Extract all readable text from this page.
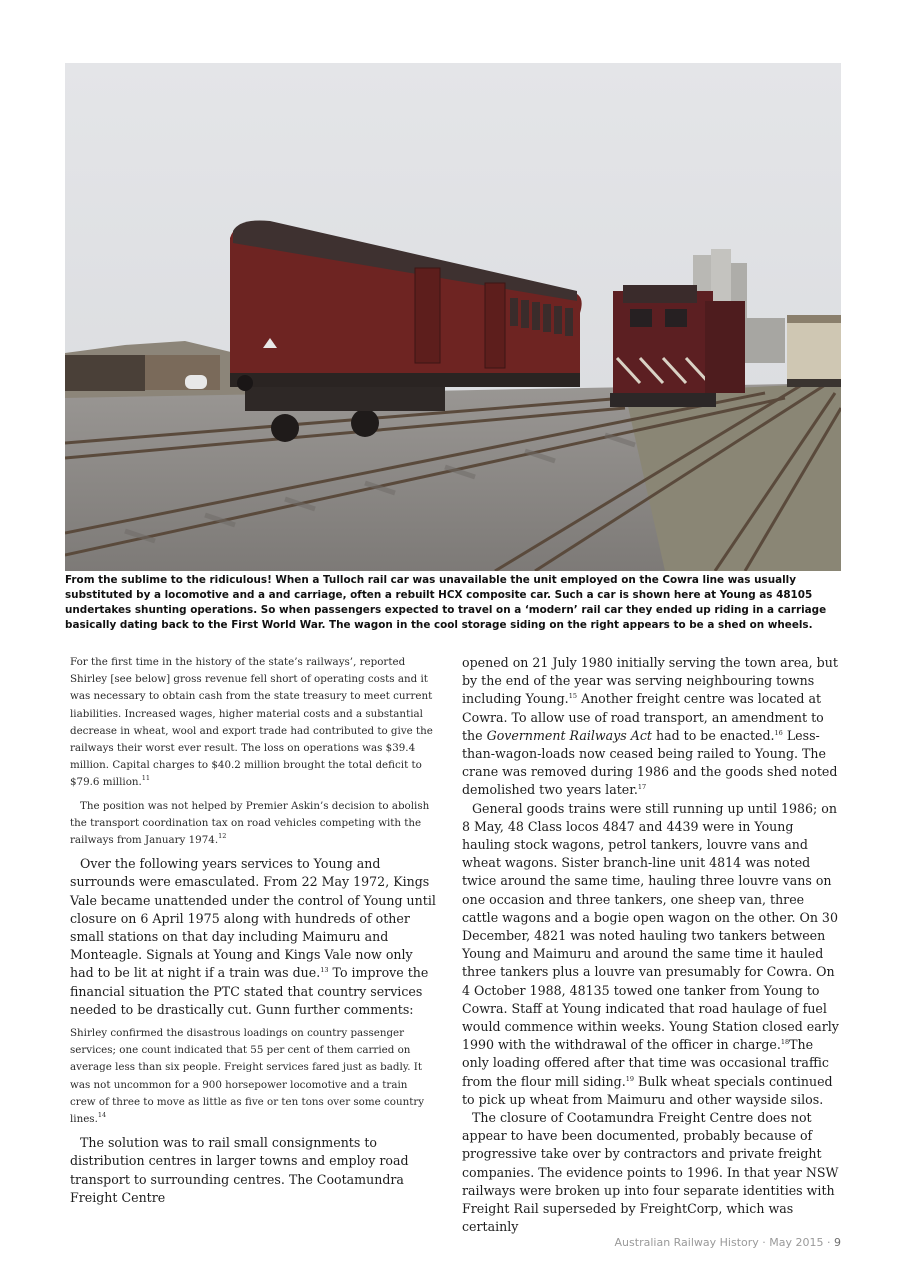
From the sublime to the ridiculous! When a Tulloch rail car was unavailable the unit employed on the Cowra line was usually substituted by a locomotive and a and carriage, often a rebuilt HCX composite car. Such a car is shown here at Young as 48105 undertakes shunting operations. So when passengers expected to travel on a ‘modern’ rail car they ended up riding in a carriage basically dating back to the First World War. The wagon in the cool storage siding on the right appears to be a shed on wheels.

For the first time in the history of the state’s railways’, reported Shirley [see below] gross revenue fell short of operating costs and it was necessary to obtain cash from the state treasury to meet current liabilities. Increased wages, higher material costs and a substantial decrease in wheat, wool and export trade had contributed to give the railways their worst ever result. The loss on operations was $39.4 million. Capital charges to $40.2 million brought the total deficit to $79.6 million.$^{11}$

The position was not helped by Premier Askin’s decision to abolish the transport coordination tax on road vehicles competing with the railways from January 1974.12

Over the following years services to Young and surrounds were emasculated. From 22 May 1972, Kings Vale became unattended under the control of Young until closure on 6 April 1975 along with hundreds of other small stations on that day including Maimuru and Monteagle. Signals at Young and Kings Vale now only had to be lit at night if a train was due.$^{13}$ To improve the financial situation the PTC stated that country services needed to be drastically cut. Gunn further comments:

Shirley confirmed the disastrous loadings on country passenger services; one count indicated that 55 per cent of them carried on average less than six people. Freight services fared just as badly. It was not uncommon for a 900 horsepower locomotive and a train crew of three to move as little as five or ten tons over some country lines.$^{14}$

The solution was to rail small consignments to distribution centres in larger towns and employ road transport to surrounding centres. The Cootamundra Freight Centre

opened on 21 July 1980 initially serving the town area, but by the end of the year was serving neighbouring towns including Young.$^{15}$ Another freight centre was located at Cowra. To allow use of road transport, an amendment to the Government Railways Act had to be enacted.$^{16}$ Less-than-wagon-loads now ceased being railed to Young. The crane was removed during 1986 and the goods shed noted demolished two years later.$^{17}$

General goods trains were still running up until 1986; on 8 May, 48 Class locos 4847 and 4439 were in Young hauling stock wagons, petrol tankers, louvre vans and wheat wagons. Sister branch-line unit 4814 was noted twice around the same time, hauling three louvre vans on one occasion and three tankers, one sheep van, three cattle wagons and a bogie open wagon on the other. On 30 December, 4821 was noted hauling two tankers between Young and Maimuru and around the same time it hauled three tankers plus a louvre van presumably for Cowra. On 4 October 1988, 48135 towed one tanker from Young to Cowra. Staff at Young indicated that road haulage of fuel would commence within weeks. Young Station closed early 1990 with the withdrawal of the officer in charge.$^{18}$The only loading offered after that time was occasional traffic from the flour mill siding.$^{19}$ Bulk wheat specials continued to pick up wheat from Maimuru and other wayside silos.

The closure of Cootamundra Freight Centre does not appear to have been documented, probably because of progressive take over by contractors and private freight companies. The evidence points to 1996. In that year NSW railways were broken up into four separate identities with Freight Rail superseded by FreightCorp, which was certainly

Australian Railway History · May 2015 · 9
